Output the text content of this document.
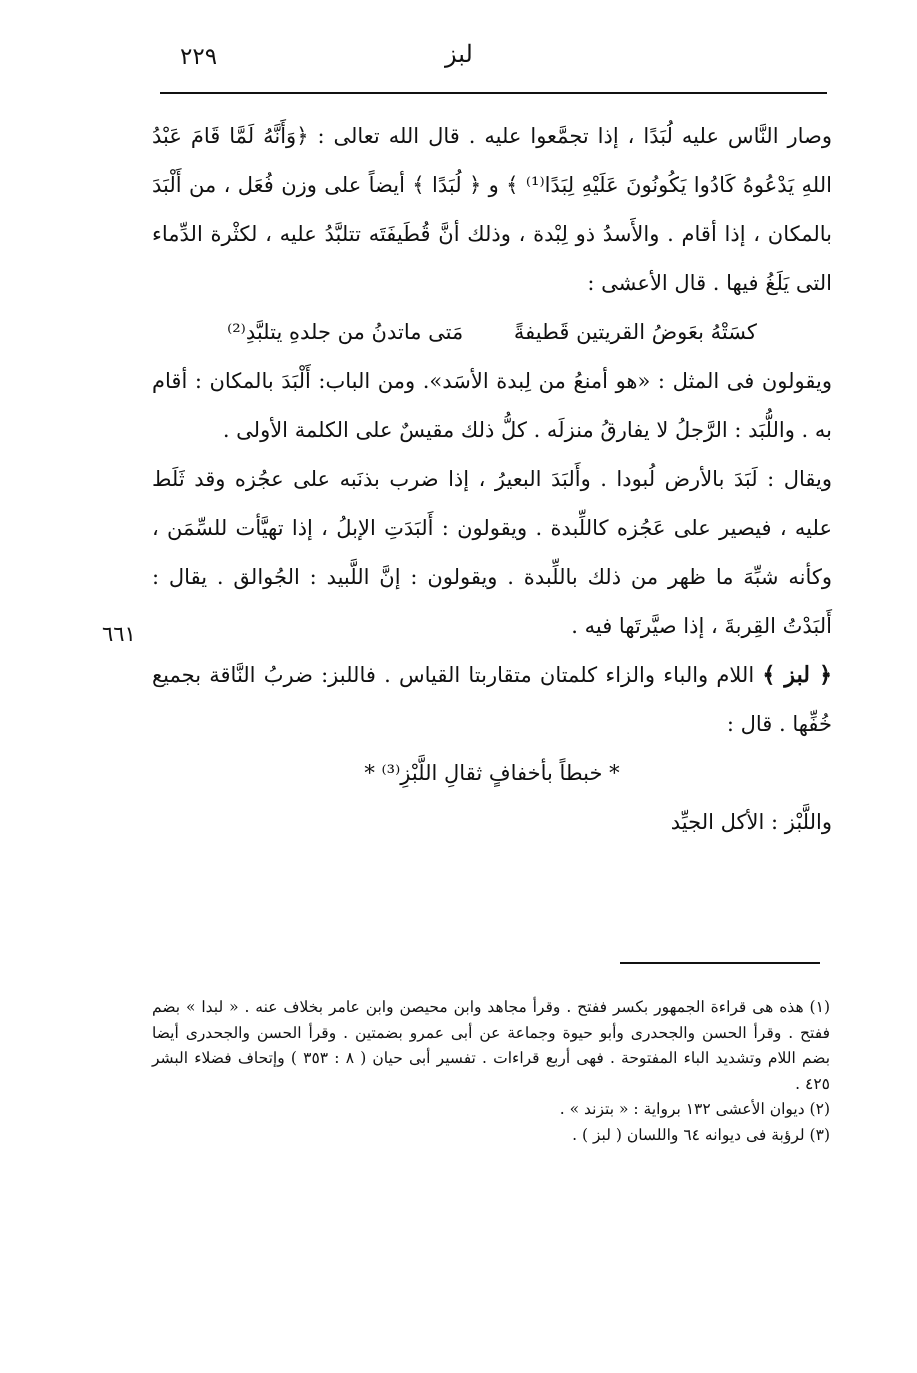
٢٢٩	لبز
٦٦١

وصار النَّاس عليه لُبَدًا ، إذا تجمَّعوا عليه . قال الله تعالى : ﴿وَأَنَّهُ لَمَّا قَامَ عَبْدُ اللهِ يَدْعُوهُ كَادُوا يَكُونُونَ عَلَيْهِ لِبَدًا⁽¹⁾ ﴾ و ﴿ لُبَدًا ﴾ أيضاً على وزن فُعَل ، من أَلْبَدَ بالمكان ، إذا أقام . والأَسدُ ذو لِبْدة ، وذلك أنَّ قُطَيفَتَه تتلبَّدُ عليه ، لكثْرة الدِّماء التى يَلَغُ فيها . قال الأعشى :

كسَتْهُ بعَوضُ القريتين قَطيفةً مَتى ماتدنُ من جلدهِ يتلبَّدِ⁽²⁾

ويقولون فى المثل : «هو أمنعُ من لِبدة الأسَد». ومن الباب: أَلْبَدَ بالمكان : أقام به . واللُّبَد : الرَّجلُ لا يفارقُ منزلَه . كلُّ ذلك مقيسٌ على الكلمة الأولى .

ويقال : لَبَدَ بالأرض لُبودا . وأَلبَدَ البعيرُ ، إذا ضرب بذنَبه على عجُزه وقد ثَلَط عليه ، فيصير على عَجُزه كاللِّبدة . ويقولون : أَلبَدَتِ الإبلُ ، إذا تهيَّأت للسِّمَن ، وكأنه شبِّهَ ما ظهر من ذلك باللِّبدة . ويقولون : إنَّ اللَّبيد : الجُوالق . يقال : أَلبَدْتُ القِربةَ ، إذا صيَّرتَها فيه .

﴿ لبز ﴾ اللام والباء والزاء كلمتان متقاربتا القياس . فاللبز: ضربُ النَّاقة بجميع خُفِّها . قال :

* خبطاً بأخفافٍ ثقالِ اللَّبْزِ⁽³⁾ *

واللَّبْز : الأكل الجيِّد

(١) هذه هى قراءة الجمهور بكسر ففتح . وقرأ مجاهد وابن محيصن وابن عامر بخلاف عنه . « لبدا » بضم ففتح . وقرأ الحسن والجحدرى وأبو حيوة وجماعة عن أبى عمرو بضمتين . وقرأ الحسن والجحدرى أيضا بضم اللام وتشديد الباء المفتوحة . فهى أربع قراءات . تفسير أبى حيان ( ٨ : ٣٥٣ ) وإتحاف فضلاء البشر ٤٢٥ .

(٢) ديوان الأعشى ١٣٢ برواية : « بتزند » .

(٣) لرؤبة فى ديوانه ٦٤ واللسان ( لبز ) .
